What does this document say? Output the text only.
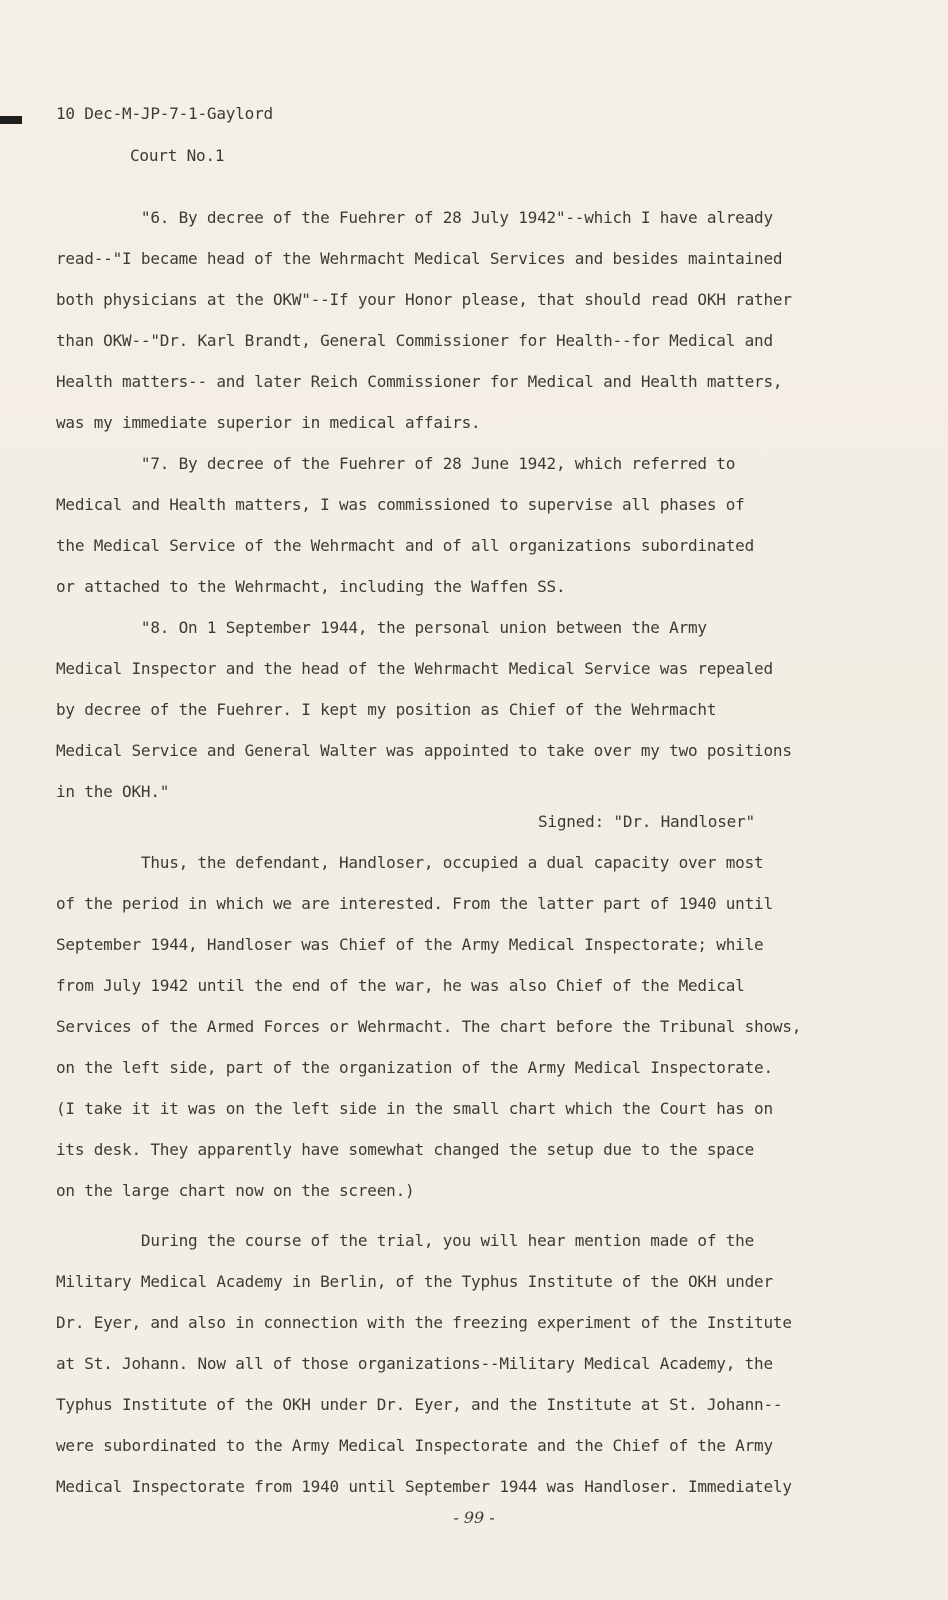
10 Dec-M-JP-7-1-Gaylord
Court No.1
"6. By decree of the Fuehrer of 28 July 1942"--which I have already
read--"I became head of the Wehrmacht Medical Services and besides maintained
both physicians at the OKW"--If your Honor please, that should read OKH rather
than OKW--"Dr. Karl Brandt, General Commissioner for Health--for Medical and
Health matters-- and later Reich Commissioner for Medical and Health matters,
was my immediate superior in medical affairs.
"7. By decree of the Fuehrer of 28 June 1942, which referred to
Medical and Health matters, I was commissioned to supervise all phases of
the Medical Service of the Wehrmacht and of all organizations subordinated
or attached to the Wehrmacht, including the Waffen SS.
"8. On 1 September 1944, the personal union between the Army
Medical Inspector and the head of the Wehrmacht Medical Service was repealed
by decree of the Fuehrer. I kept my position as Chief of the Wehrmacht
Medical Service and General Walter was appointed to take over my two positions
in the OKH."
Signed: "Dr. Handloser"
Thus, the defendant, Handloser, occupied a dual capacity over most
of the period in which we are interested. From the latter part of 1940 until
September 1944, Handloser was Chief of the Army Medical Inspectorate; while
from July 1942 until the end of the war, he was also Chief of the Medical
Services of the Armed Forces or Wehrmacht. The chart before the Tribunal shows,
on the left side, part of the organization of the Army Medical Inspectorate.
(I take it it was on the left side in the small chart which the Court has on
its desk. They apparently have somewhat changed the setup due to the space
on the large chart now on the screen.)
During the course of the trial, you will hear mention made of the
Military Medical Academy in Berlin, of the Typhus Institute of the OKH under
Dr. Eyer, and also in connection with the freezing experiment of the Institute
at St. Johann. Now all of those organizations--Military Medical Academy, the
Typhus Institute of the OKH under Dr. Eyer, and the Institute at St. Johann--
were subordinated to the Army Medical Inspectorate and the Chief of the Army
Medical Inspectorate from 1940 until September 1944 was Handloser. Immediately
- 99 -
